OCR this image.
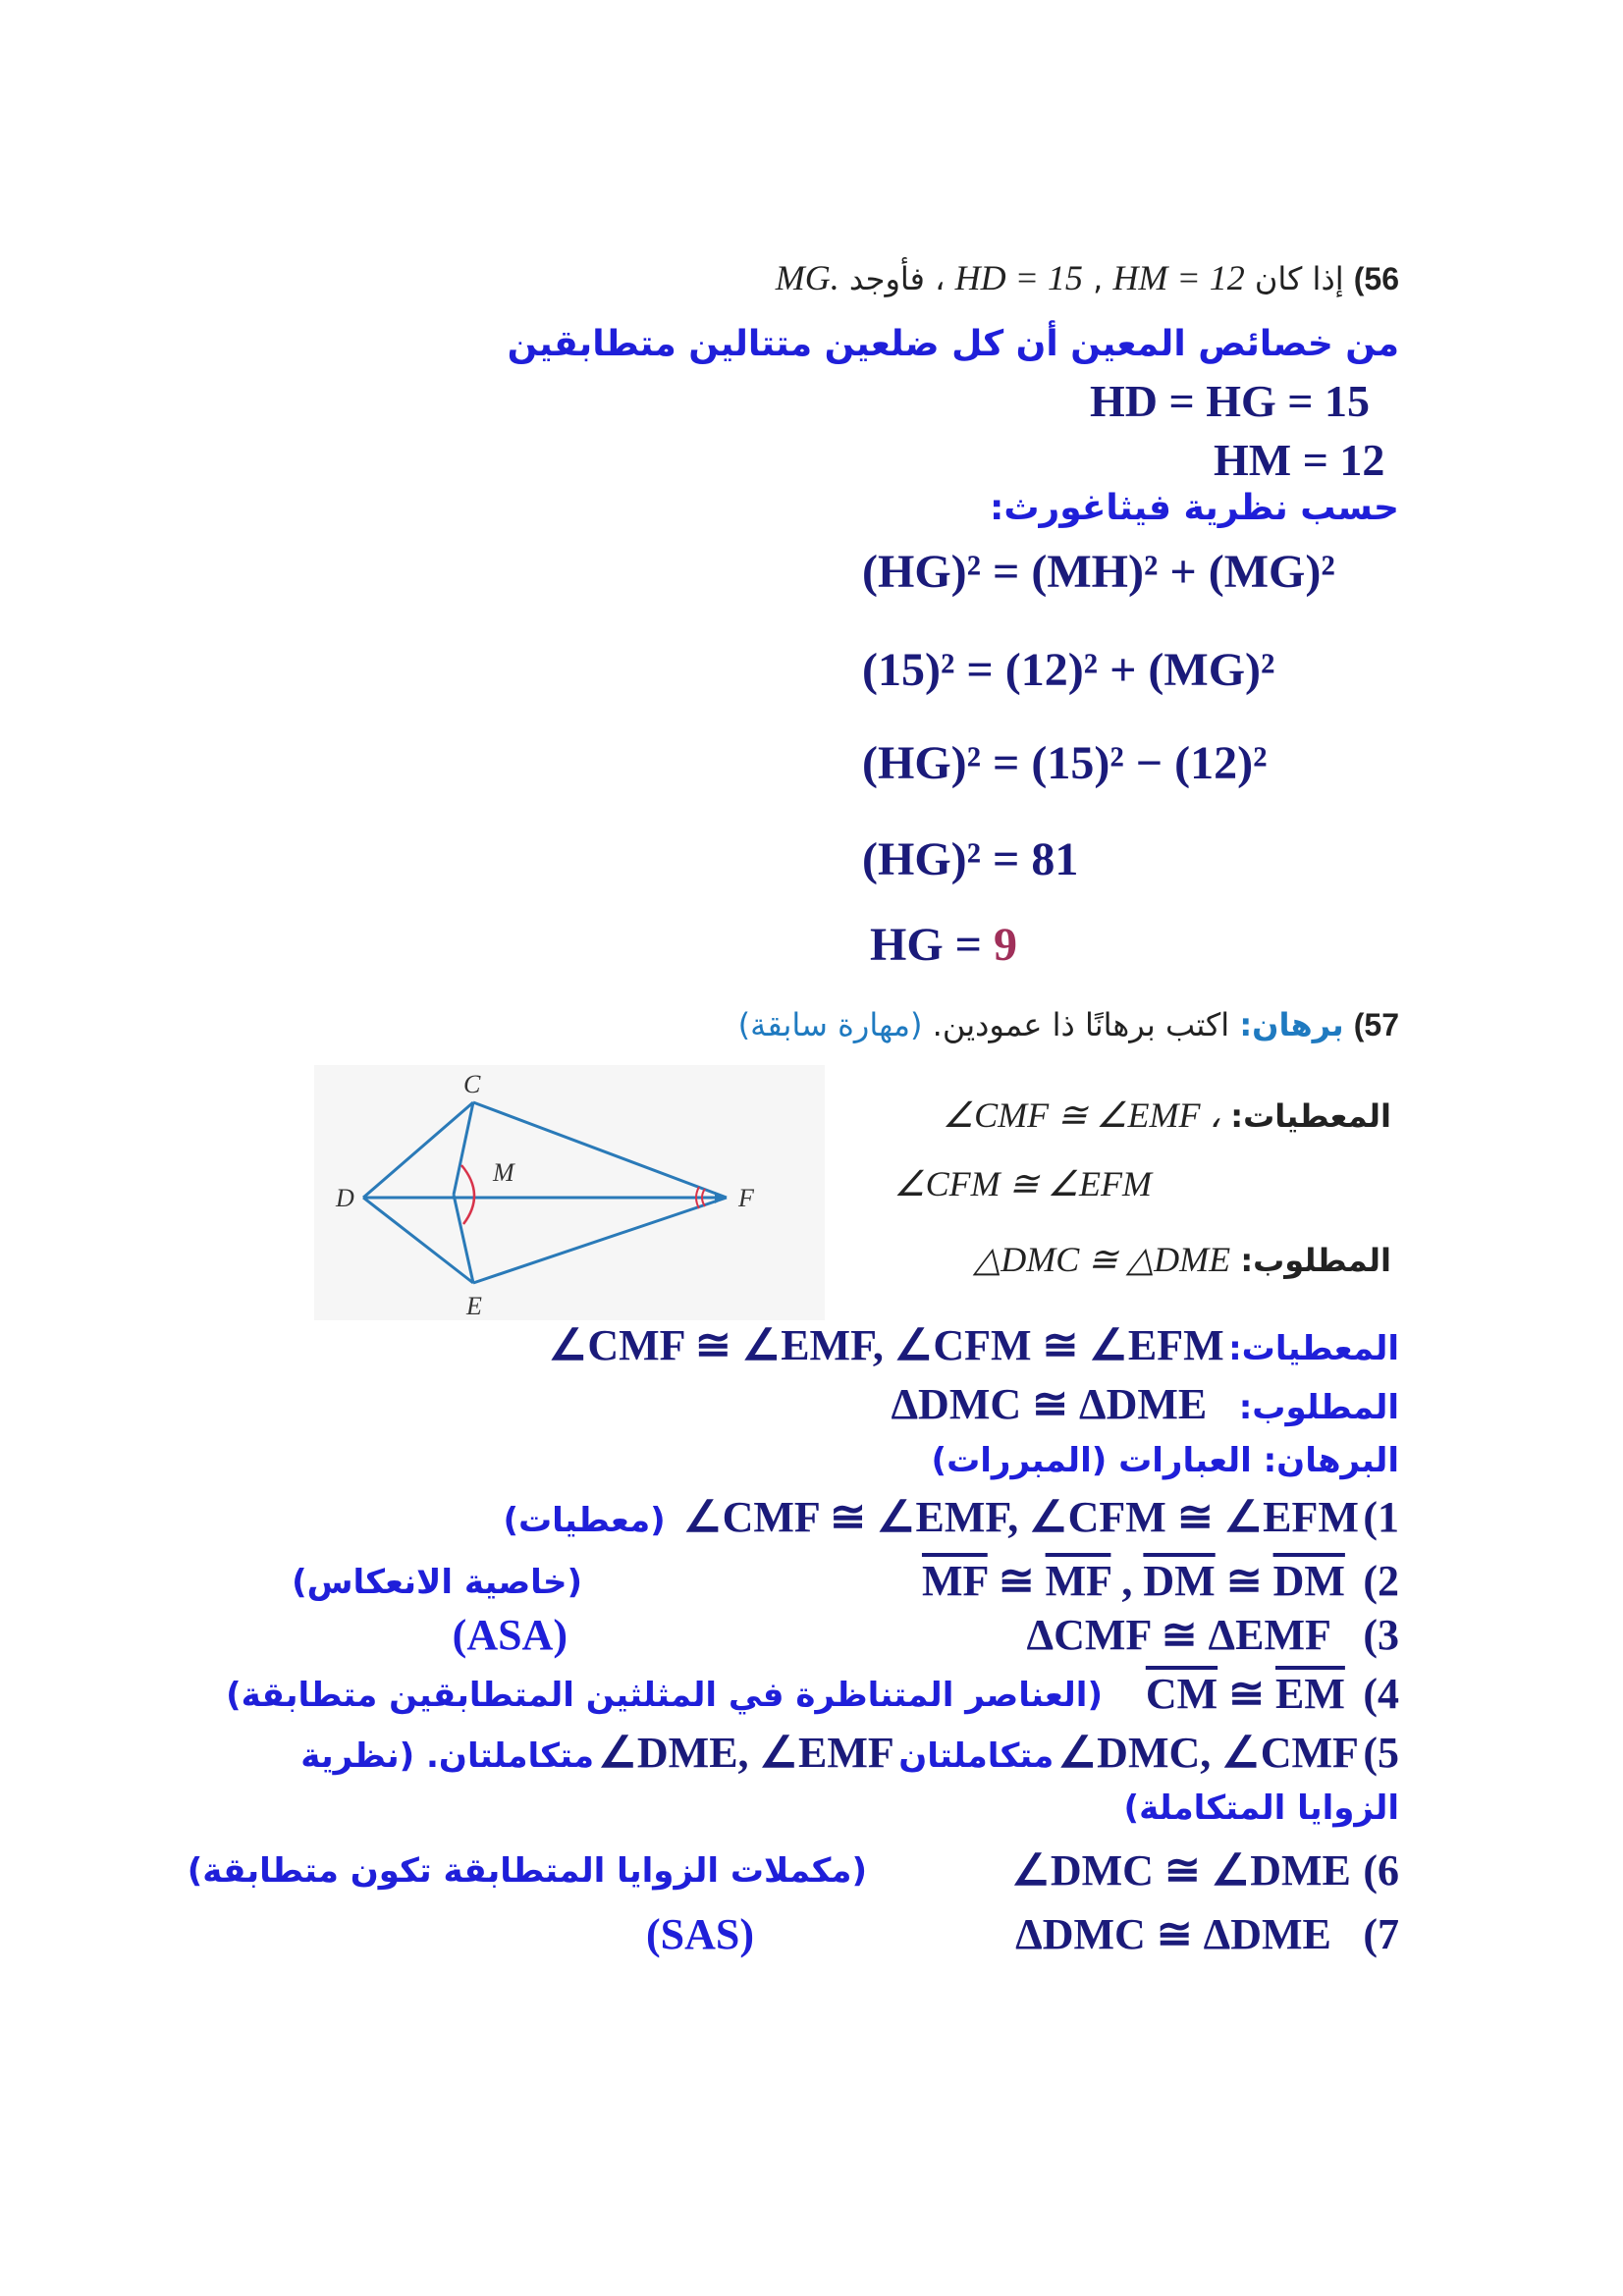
56) إذا كان HD = 15 , HM = 12 ، فأوجد MG.
من خصائص المعين أن كل ضلعين متتالين متطابقين
HD = HG = 15
HM = 12
حسب نظرية فيثاغورث:
(HG)² = (MH)² + (MG)²
(15)² = (12)² + (MG)²
(HG)² = (15)² − (12)²
(HG)² = 81
HG = 9
57) برهان: اكتب برهانًا ذا عمودين. (مهارة سابقة)
المعطيات: ∠CMF ≅ ∠EMF ،
∠CFM ≅ ∠EFM
المطلوب: △DMC ≅ △DME
C
D
M
F
E
المعطيات: ∠CMF ≅ ∠EMF, ∠CFM ≅ ∠EFM
المطلوب: ΔDMC ≅ ΔDME
البرهان: العبارات (المبررات)
1) ∠CMF ≅ ∠EMF, ∠CFM ≅ ∠EFM (معطيات)
2) $\overline{MF}$ ≅ $\overline{MF}$ , $\overline{DM}$ ≅ $\overline{DM}$
(خاصية الانعكاس)
3) ΔCMF ≅ ΔEMF
(ASA)
4) $\overline{CM}$ ≅ $\overline{EM}$
(العناصر المتناظرة في المثلثين المتطابقين متطابقة)
5) ∠DMC, ∠CMF متكاملتان ∠DME, ∠EMF متكاملتان. (نظرية
الزوايا المتكاملة)
6) ∠DMC ≅ ∠DME
(مكملات الزوايا المتطابقة تكون متطابقة)
7) ΔDMC ≅ ΔDME
(SAS)
